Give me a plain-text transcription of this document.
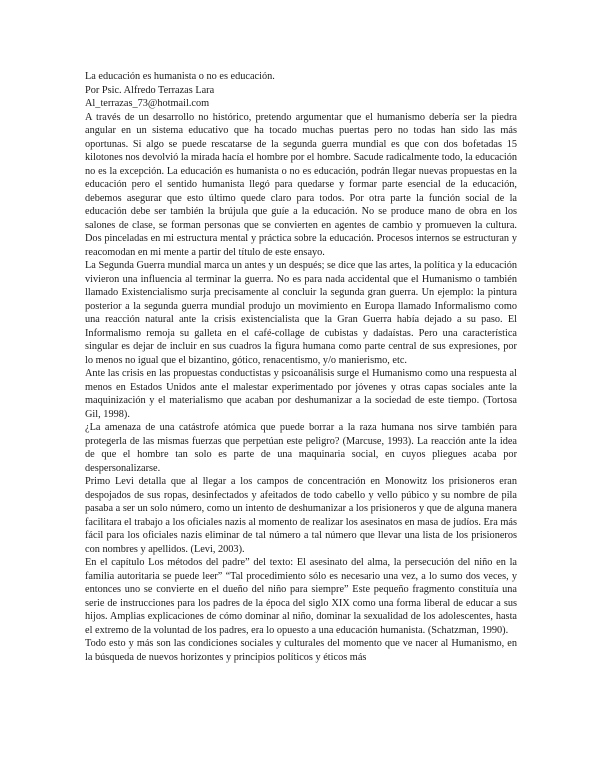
La educación es humanista o no es educación.
Por Psic. Alfredo Terrazas Lara
Al_terrazas_73@hotmail.com

A través de un desarrollo no histórico, pretendo argumentar que el humanismo debería ser la piedra angular en un sistema educativo que ha tocado muchas puertas pero no todas han sido las más oportunas. Si algo se puede rescatarse de la segunda guerra mundial es que con dos bofetadas 15 kilotones nos devolvió la mirada hacía el hombre por el hombre. Sacude radicalmente todo, la educación no es la excepción. La educación es humanista o no es educación, podrán llegar nuevas propuestas en la educación pero el sentido humanista llegó para quedarse y formar parte esencial de la educación, debemos asegurar que esto último quede claro para todos. Por otra parte la función social de la educación debe ser también la brújula que guíe a la educación. No se produce mano de obra en los salones de clase, se forman personas que se convierten en agentes de cambio y promueven la cultura. Dos pinceladas en mi estructura mental y práctica sobre la educación. Procesos internos se estructuran y reacomodan en mi mente a partir del título de este ensayo.

La Segunda Guerra mundial marca un antes y un después; se dice que las artes, la política y la educación vivieron una influencia al terminar la guerra. No es para nada accidental que el Humanismo o también llamado Existencialismo surja precisamente al concluir la segunda gran guerra. Un ejemplo: la pintura posterior a la segunda guerra mundial produjo un movimiento en Europa llamado Informalismo como una reacción natural ante la crisis existencialista que la Gran Guerra había dejado a su paso. El Informalismo remoja su galleta en el café-collage de cubistas y dadaístas. Pero una característica singular es dejar de incluir en sus cuadros la figura humana como parte central de sus expresiones, por lo menos no igual que el bizantino, gótico, renacentismo, y/o manierismo, etc.

Ante las crisis en las propuestas conductistas y psicoanálisis surge el Humanismo como una respuesta al menos en Estados Unidos ante el malestar experimentado por jóvenes y otras capas sociales ante la maquinización y el materialismo que acaban por deshumanizar a la sociedad de este tiempo. (Tortosa Gil, 1998).

¿La amenaza de una catástrofe atómica que puede borrar a la raza humana nos sirve también para protegerla de las mismas fuerzas que perpetúan este peligro? (Marcuse, 1993). La reacción ante la idea de que el hombre tan solo es parte de una maquinaria social, en cuyos pliegues acaba por despersonalizarse.

Primo Levi detalla que al llegar a los campos de concentración en Monowitz los prisioneros eran despojados de sus ropas, desinfectados y afeitados de todo cabello y vello púbico y su nombre de pila pasaba a ser un solo número, como un intento de deshumanizar a los prisioneros y que de alguna manera facilitara el trabajo a los oficiales nazis al momento de realizar los asesinatos en masa de judíos. Era más fácil para los oficiales nazis eliminar de tal número a tal número que llevar una lista de los prisioneros con nombres y apellidos. (Levi, 2003).

En el capítulo Los métodos del padre” del texto: El asesinato del alma, la persecución del niño en la familia autoritaria se puede leer” “Tal procedimiento sólo es necesario una vez, a lo sumo dos veces, y entonces uno se convierte en el dueño del niño para siempre” Este pequeño fragmento constituía una serie de instrucciones para los padres de la época del siglo XIX como una forma liberal de educar a sus hijos. Amplias explicaciones de cómo dominar al niño, dominar la sexualidad de los adolescentes, hasta el extremo de la voluntad de los padres, era lo opuesto a una educación humanista. (Schatzman, 1990).

Todo esto y más son las condiciones sociales y culturales del momento que ve nacer al Humanismo, en la búsqueda de nuevos horizontes y principios políticos y éticos más
